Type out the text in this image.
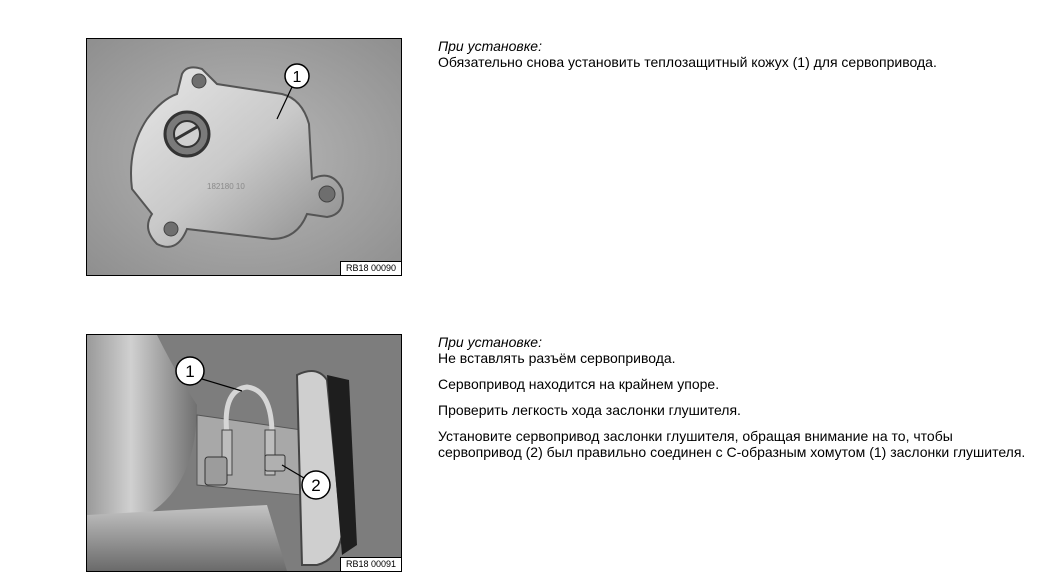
182180 10
1
RB18 00090

При установке:

Обязательно снова установить теплозащитный кожух (1) для сервопривода.

1
2
RB18 00091

При установке:

Не вставлять разъём сервопривода.

Сервопривод находится на крайнем упоре.

Проверить легкость хода заслонки глушителя.

Установите сервопривод заслонки глушителя, обращая внимание на то, чтобы сервопривод (2) был правильно соединен с С-образным хомутом (1) заслонки глушителя.
